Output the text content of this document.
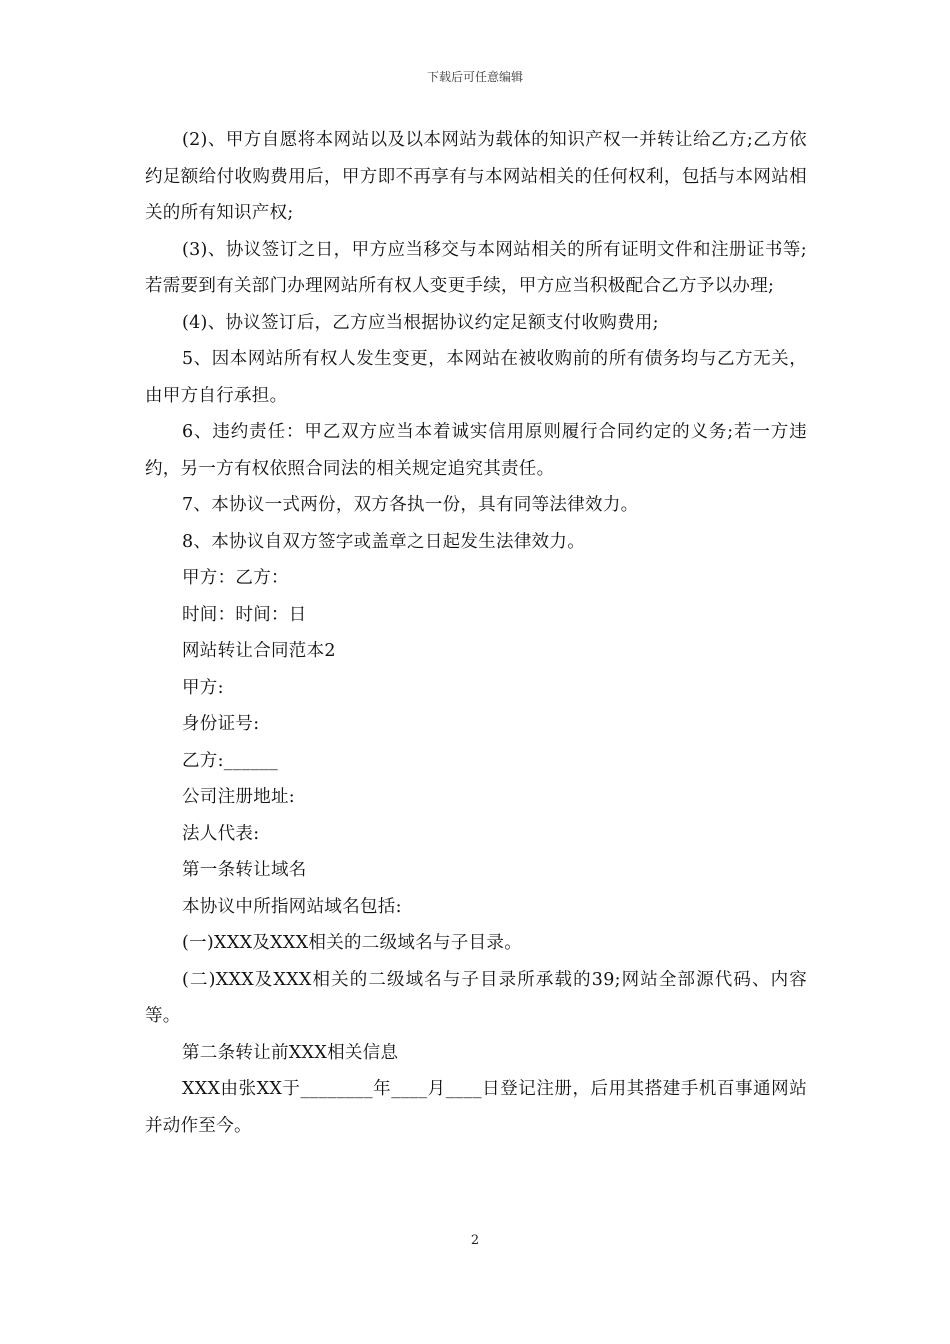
下载后可任意编辑

(2)、甲方自愿将本网站以及以本网站为载体的知识产权一并转让给乙方;乙方依约足额给付收购费用后，甲方即不再享有与本网站相关的任何权利，包括与本网站相关的所有知识产权;

(3)、协议签订之日，甲方应当移交与本网站相关的所有证明文件和注册证书等;若需要到有关部门办理网站所有权人变更手续，甲方应当积极配合乙方予以办理;

(4)、协议签订后，乙方应当根据协议约定足额支付收购费用;

5、因本网站所有权人发生变更，本网站在被收购前的所有债务均与乙方无关，由甲方自行承担。

6、违约责任：甲乙双方应当本着诚实信用原则履行合同约定的义务;若一方违约，另一方有权依照合同法的相关规定追究其责任。

7、本协议一式两份，双方各执一份，具有同等法律效力。

8、本协议自双方签字或盖章之日起发生法律效力。

甲方：乙方：

时间：时间：日

网站转让合同范本2

甲方:

身份证号:

乙方:______

公司注册地址:

法人代表:

第一条转让域名

本协议中所指网站域名包括:

(一)XXX及XXX相关的二级域名与子目录。

(二)XXX及XXX相关的二级域名与子目录所承载的39;网站全部源代码、内容等。

第二条转让前XXX相关信息

XXX由张XX于________年____月____日登记注册，后用其搭建手机百事通网站并动作至今。

2
